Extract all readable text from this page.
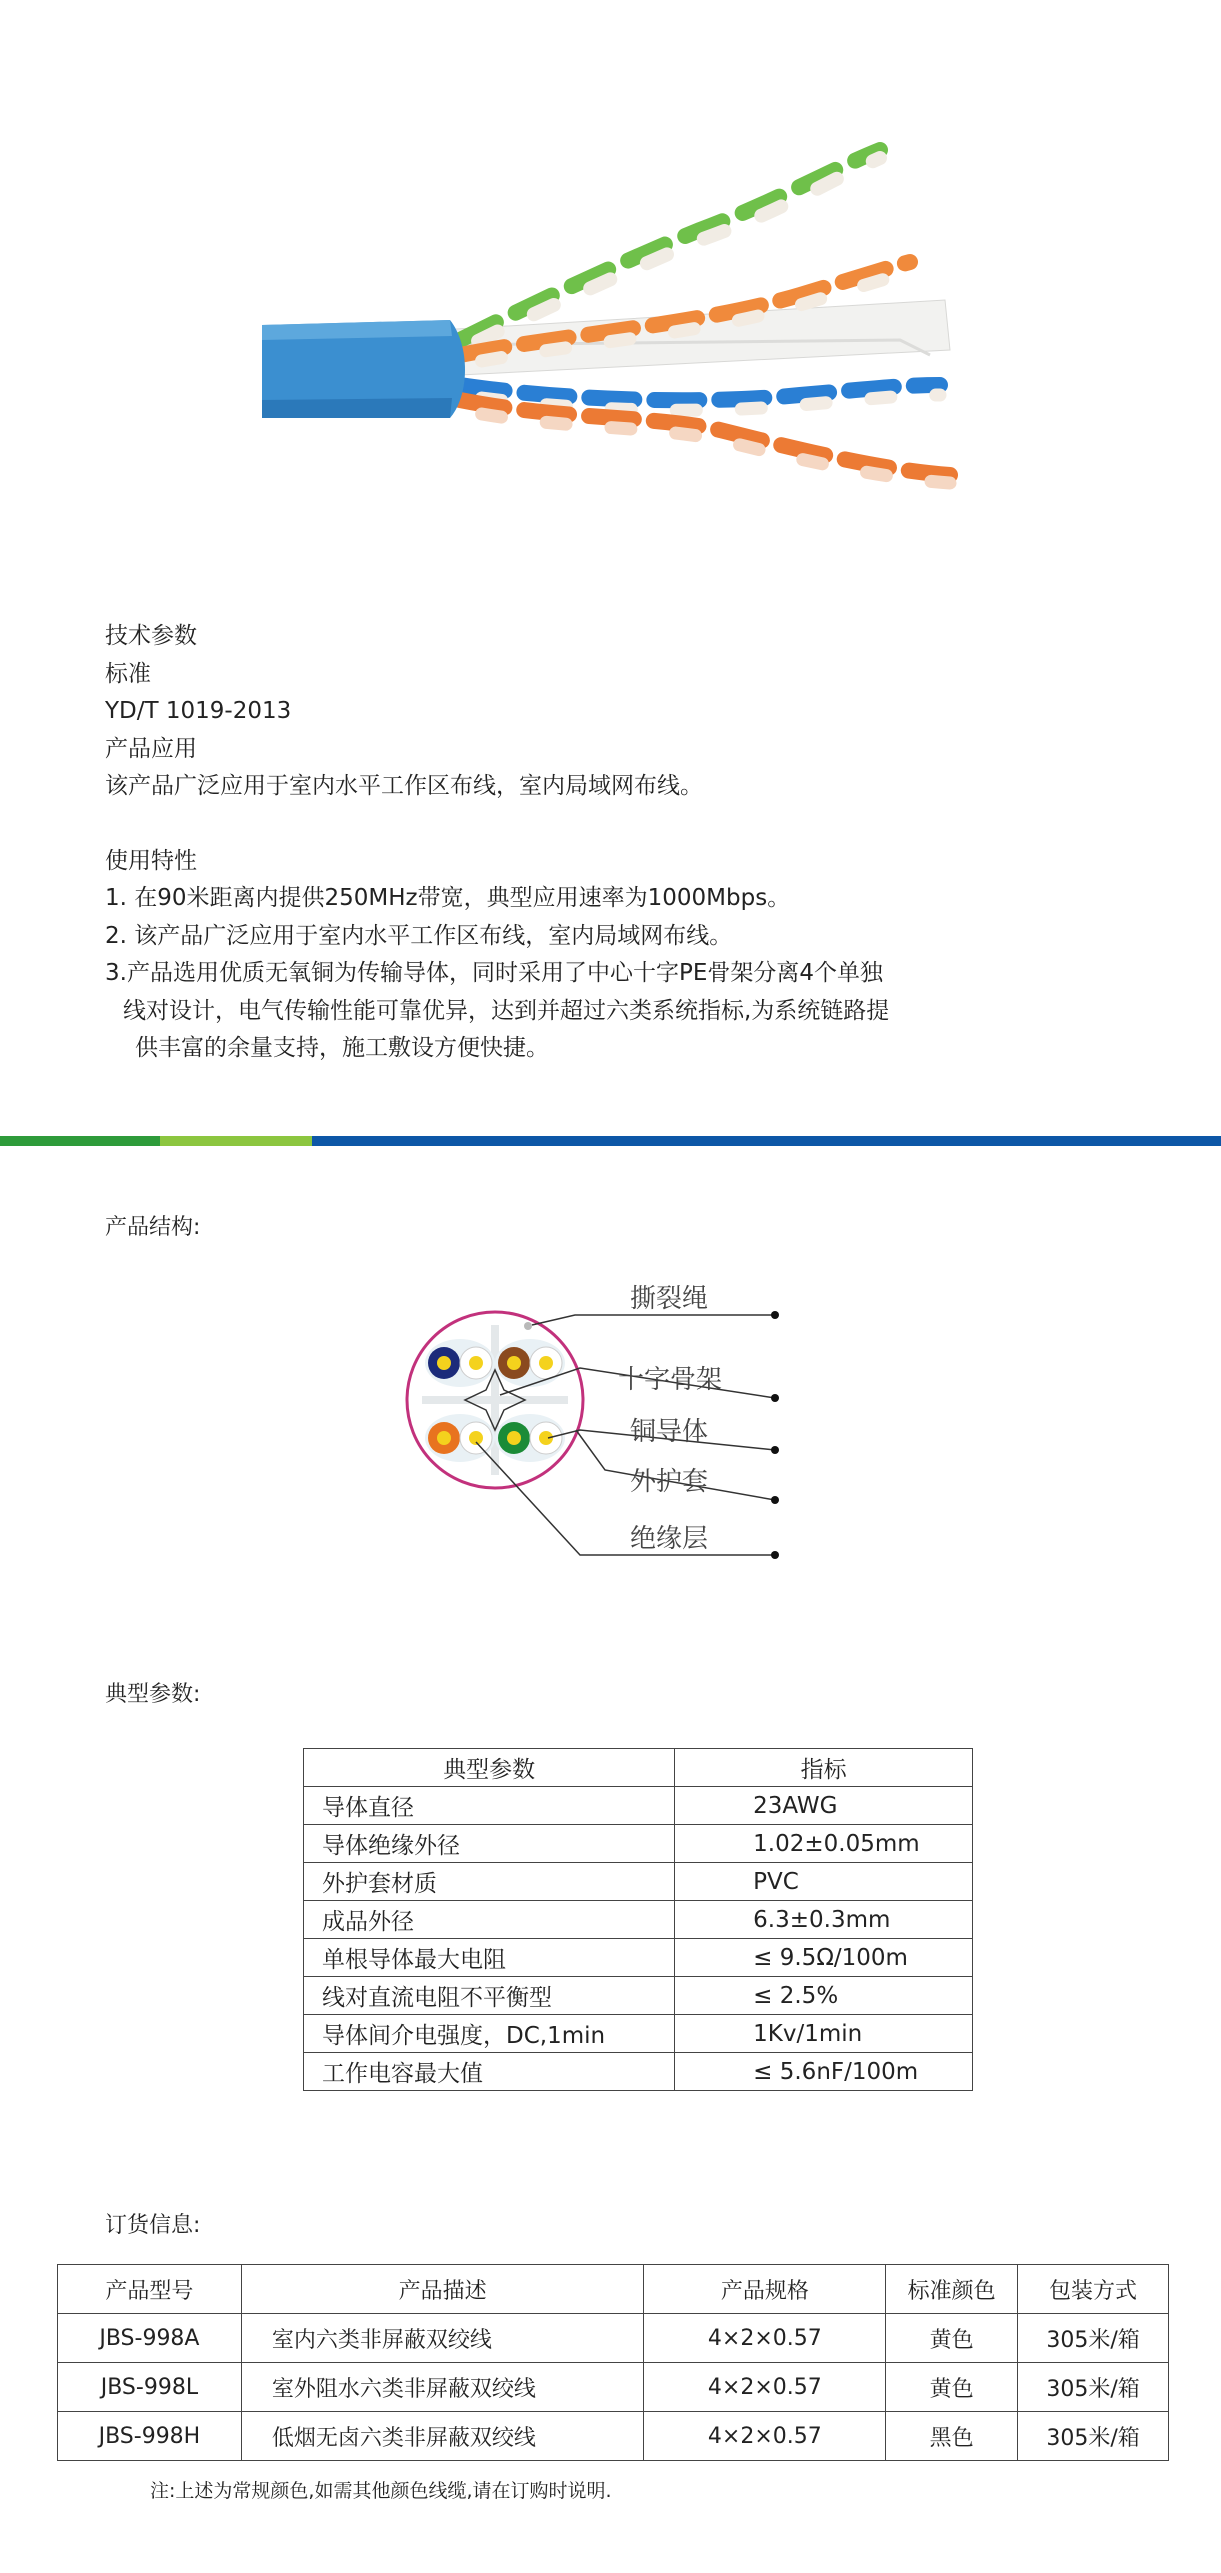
技术参数
标准
YD/T 1019-2013
产品应用
该产品广泛应用于室内水平工作区布线，室内局域网布线。
使用特性
1. 在90米距离内提供250MHz带宽，典型应用速率为1000Mbps。
2. 该产品广泛应用于室内水平工作区布线，室内局域网布线。
3.产品选用优质无氧铜为传输导体，同时采用了中心十字PE骨架分离4个单独
线对设计，电气传输性能可靠优异，达到并超过六类系统指标,为系统链路提
供丰富的余量支持，施工敷设方便快捷。
产品结构:
撕裂绳
十字骨架
铜导体
外护套
绝缘层
典型参数:
典型参数	指标
导体直径	23AWG
导体绝缘外径	1.02±0.05mm
外护套材质	PVC
成品外径	6.3±0.3mm
单根导体最大电阻	≤ 9.5Ω/100m
线对直流电阻不平衡型	≤ 2.5%
导体间介电强度，DC,1min	1Kv/1min
工作电容最大值	≤ 5.6nF/100m
订货信息:
产品型号	产品描述	产品规格	标准颜色	包装方式
JBS-998A	室内六类非屏蔽双绞线	4×2×0.57	黄色	305米/箱
JBS-998L	室外阻水六类非屏蔽双绞线	4×2×0.57	黄色	305米/箱
JBS-998H	低烟无卤六类非屏蔽双绞线	4×2×0.57	黑色	305米/箱
注:上述为常规颜色,如需其他颜色线缆,请在订购时说明.
